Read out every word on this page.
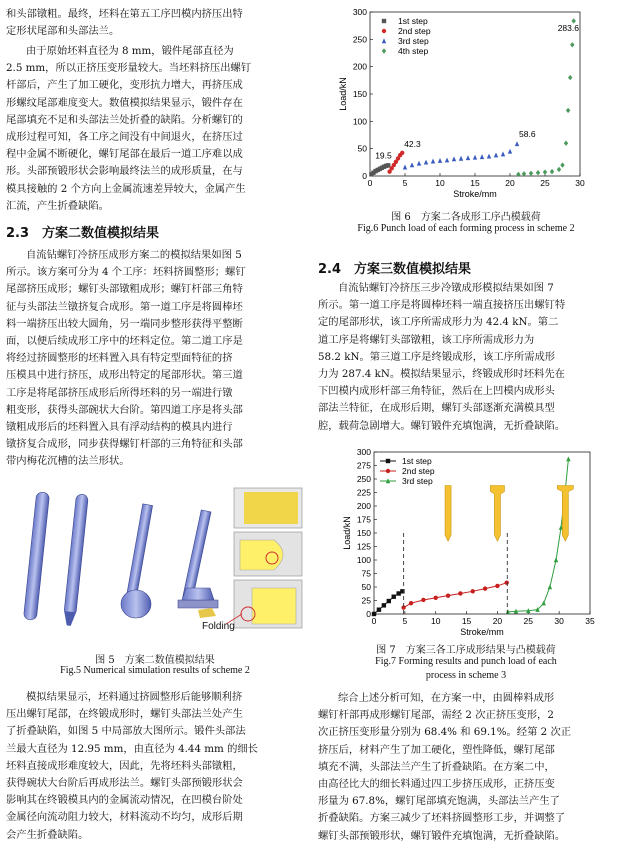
和头部镦粗。最终，坯料在第五工序凹模内挤压出特
定形状尾部和头部法兰。
由于原始坯料直径为 8 mm，锻件尾部直径为
2.5 mm，所以正挤压变形量较大。当坯料挤压出螺钉
杆部后，产生了加工硬化，变形抗力增大，再挤压成
形螺纹尾部难度变大。数值模拟结果显示，锻件存在
尾部填充不足和头部法兰处折叠的缺陷。分析螺钉的
成形过程可知，各工序之间没有中间退火，在挤压过
程中金属不断硬化，螺钉尾部在最后一道工序难以成
形。头部预锻形状会影响最终法兰的成形质量，在与
模具接触的 2 个方向上金属流速差异较大，金属产生
汇流，产生折叠缺陷。
2.3　方案二数值模拟结果
自流钻螺钉冷挤压成形方案二的模拟结果如图 5
所示。该方案可分为 4 个工序：坯料挤圆整形；螺钉
尾部挤压成形；螺钉头部镦粗成形；螺钉杆部三角特
征与头部法兰镦挤复合成形。第一道工序是将圆棒坯
料一端挤压出较大圆角，另一端同步整形获得平整断
面，以便后续成形工序中的坯料定位。第二道工序是
将经过挤圆整形的坯料置入具有特定型面特征的挤
压模具中进行挤压，成形出特定的尾部形状。第三道
工序是将尾部挤压成形后所得坯料的另一端进行镦
粗变形，获得头部碗状大台阶。第四道工序是将头部
镦粗成形后的坯料置入具有浮动结构的模具内进行
镦挤复合成形，同步获得螺钉杆部的三角特征和头部
带内梅花沉槽的法兰形状。
Folding
图 5　方案二数值模拟结果
Fig.5 Numerical simulation results of scheme 2
模拟结果显示，坯料通过挤圆整形后能够顺利挤
压出螺钉尾部，在终锻成形时，螺钉头部法兰处产生
了折叠缺陷，如图 5 中局部放大图所示。锻件头部法
兰最大直径为 12.95 mm，由直径为 4.44 mm 的细长
坯料直接成形难度较大，因此，先将坯料头部镦粗，
获得碗状大台阶后再成形法兰。螺钉头部预锻形状会
影响其在终锻模具内的金属流动情况，在凹模台阶处
金属径向流动阻力较大，材料流动不均匀，成形后期
会产生折叠缺陷。
0	5	10	15	20	25	30
0
50
100
150
200
250
300
Stroke/mm
Load/kN
1st step
2nd step
3rd step
4th step
19.5
42.3
58.6
283.6
图 6　方案二各成形工序凸模载荷
Fig.6 Punch load of each forming process in scheme 2
2.4　方案三数值模拟结果
自流钻螺钉冷挤压三步冷镦成形模拟结果如图 7
所示。第一道工序是将圆棒坯料一端直接挤压出螺钉特
定的尾部形状，该工序所需成形力为 42.4 kN。第二
道工序是将螺钉头部镦粗，该工序所需成形力为
58.2 kN。第三道工序是终锻成形，该工序所需成形
力为 287.4 kN。模拟结果显示，终锻成形时坯料先在
下凹模内成形杆部三角特征，然后在上凹模内成形头
部法兰特征，在成形后期，螺钉头部逐渐充满模具型
腔，载荷急剧增大。螺钉锻件充填饱满，无折叠缺陷。
0	5	10	15	20	25	30	35
0
25
50
75
100
125
150
175
200
225
250
275
300
Stroke/mm
Load/kN
1st step
2nd step
3rd step
图 7　方案三各工序成形结果与凸模载荷
Fig.7 Forming results and punch load of each
process in scheme 3
综合上述分析可知，在方案一中，由圆棒料成形
螺钉杆部再成形螺钉尾部，需经 2 次正挤压变形，2
次正挤压变形量分别为 68.4% 和 69.1%。经第 2 次正
挤压后，材料产生了加工硬化，塑性降低，螺钉尾部
填充不满，头部法兰产生了折叠缺陷。在方案二中，
由高径比大的细长料通过四工步挤压成形，正挤压变
形量为 67.8%，螺钉尾部填充饱满，头部法兰产生了
折叠缺陷。方案三减少了坯料挤圆整形工步，并调整了
螺钉头部预锻形状，螺钉锻件充填饱满，无折叠缺陷。
